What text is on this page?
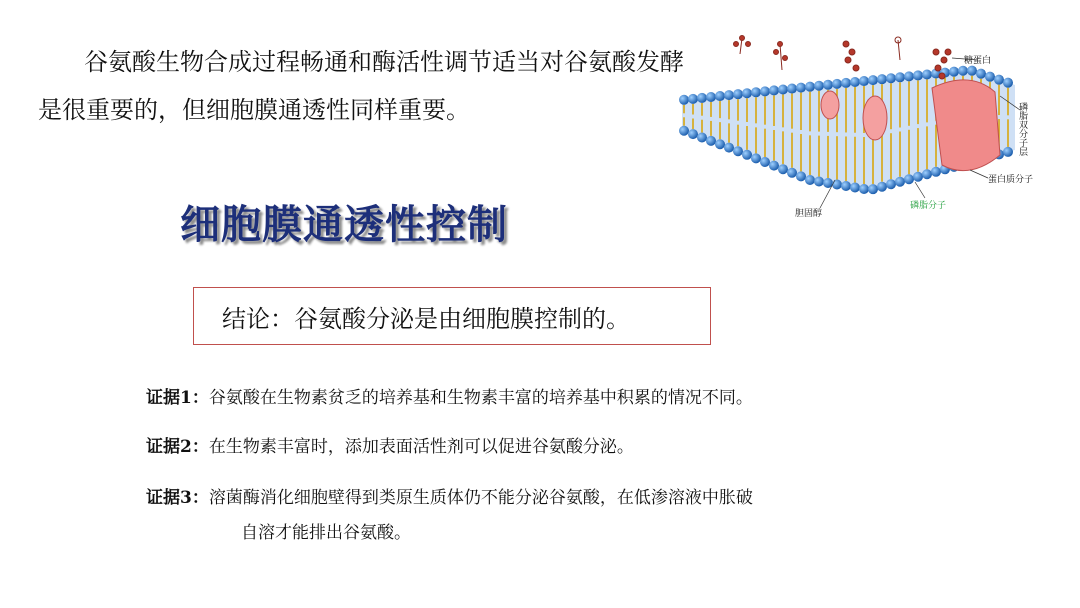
谷氨酸生物合成过程畅通和酶活性调节适当对谷氨酸发酵是很重要的，但细胞膜通透性同样重要。
细胞膜通透性控制
结论：谷氨酸分泌是由细胞膜控制的。
证据1：谷氨酸在生物素贫乏的培养基和生物素丰富的培养基中积累的情况不同。
证据2：在生物素丰富时，添加表面活性剂可以促进谷氨酸分泌。
证据3：溶菌酶消化细胞壁得到类原生质体仍不能分泌谷氨酸，在低渗溶液中胀破
自溶才能排出谷氨酸。
糖蛋白
磷脂双分子层
蛋白质分子
磷脂分子
胆固醇
